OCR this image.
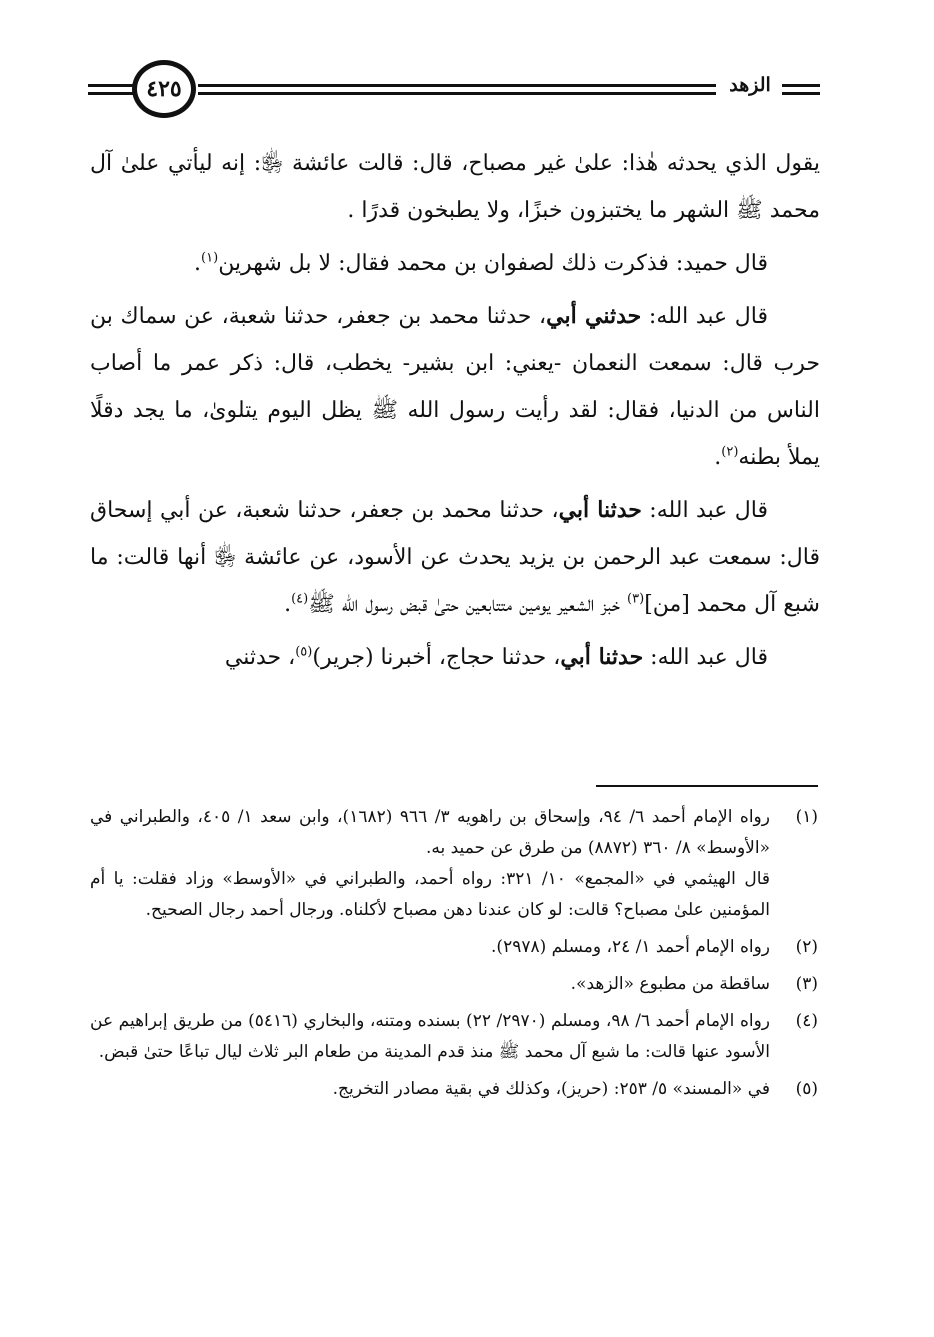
٤٢٥	الزهد

يقول الذي يحدثه هٰذا: علىٰ غير مصباح، قال: قالت عائشة ﵂: إنه ليأتي علىٰ آل محمد ﷺ الشهر ما يختبزون خبزًا، ولا يطبخون قدرًا .

قال حميد: فذكرت ذلك لصفوان بن محمد فقال: لا بل شهرين$^{(١)}$.

قال عبد الله: حدثني أبي، حدثنا محمد بن جعفر، حدثنا شعبة، عن سماك بن حرب قال: سمعت النعمان -يعني: ابن بشير- يخطب، قال: ذكر عمر ما أصاب الناس من الدنيا، فقال: لقد رأيت رسول الله ﷺ يظل اليوم يتلوىٰ، ما يجد دقلًا يملأ بطنه$^{(٢)}$.

قال عبد الله: حدثنا أبي، حدثنا محمد بن جعفر، حدثنا شعبة، عن أبي إسحاق قال: سمعت عبد الرحمن بن يزيد يحدث عن الأسود، عن عائشة ﵂ أنها قالت: ما شبع آل محمد [من]$^{(٣)}$ خبز الشعير يومين متتابعين حتىٰ قبض رسول الله ﷺ$^{(٤)}$.

قال عبد الله: حدثنا أبي، حدثنا حجاج، أخبرنا (جرير)$^{(٥)}$، حدثني

(١)
رواه الإمام أحمد ٦/ ٩٤، وإسحاق بن راهويه ٣/ ٩٦٦ (١٦٨٢)، وابن سعد ١/ ٤٠٥، والطبراني في «الأوسط» ٨/ ٣٦٠ (٨٨٧٢) من طرق عن حميد به.
قال الهيثمي في «المجمع» ١٠/ ٣٢١: رواه أحمد، والطبراني في «الأوسط» وزاد فقلت: يا أم المؤمنين علىٰ مصباح؟ قالت: لو كان عندنا دهن مصباح لأكلناه. ورجال أحمد رجال الصحيح.
(٢)
رواه الإمام أحمد ١/ ٢٤، ومسلم (٢٩٧٨).
(٣)
ساقطة من مطبوع «الزهد».
(٤)
رواه الإمام أحمد ٦/ ٩٨، ومسلم (٢٩٧٠/ ٢٢) بسنده ومتنه، والبخاري (٥٤١٦) من طريق إبراهيم عن الأسود عنها قالت: ما شبع آل محمد ﷺ منذ قدم المدينة من طعام البر ثلاث ليال تباعًا حتىٰ قبض.
(٥)
في «المسند» ٥/ ٢٥٣: (حريز)، وكذلك في بقية مصادر التخريج.
